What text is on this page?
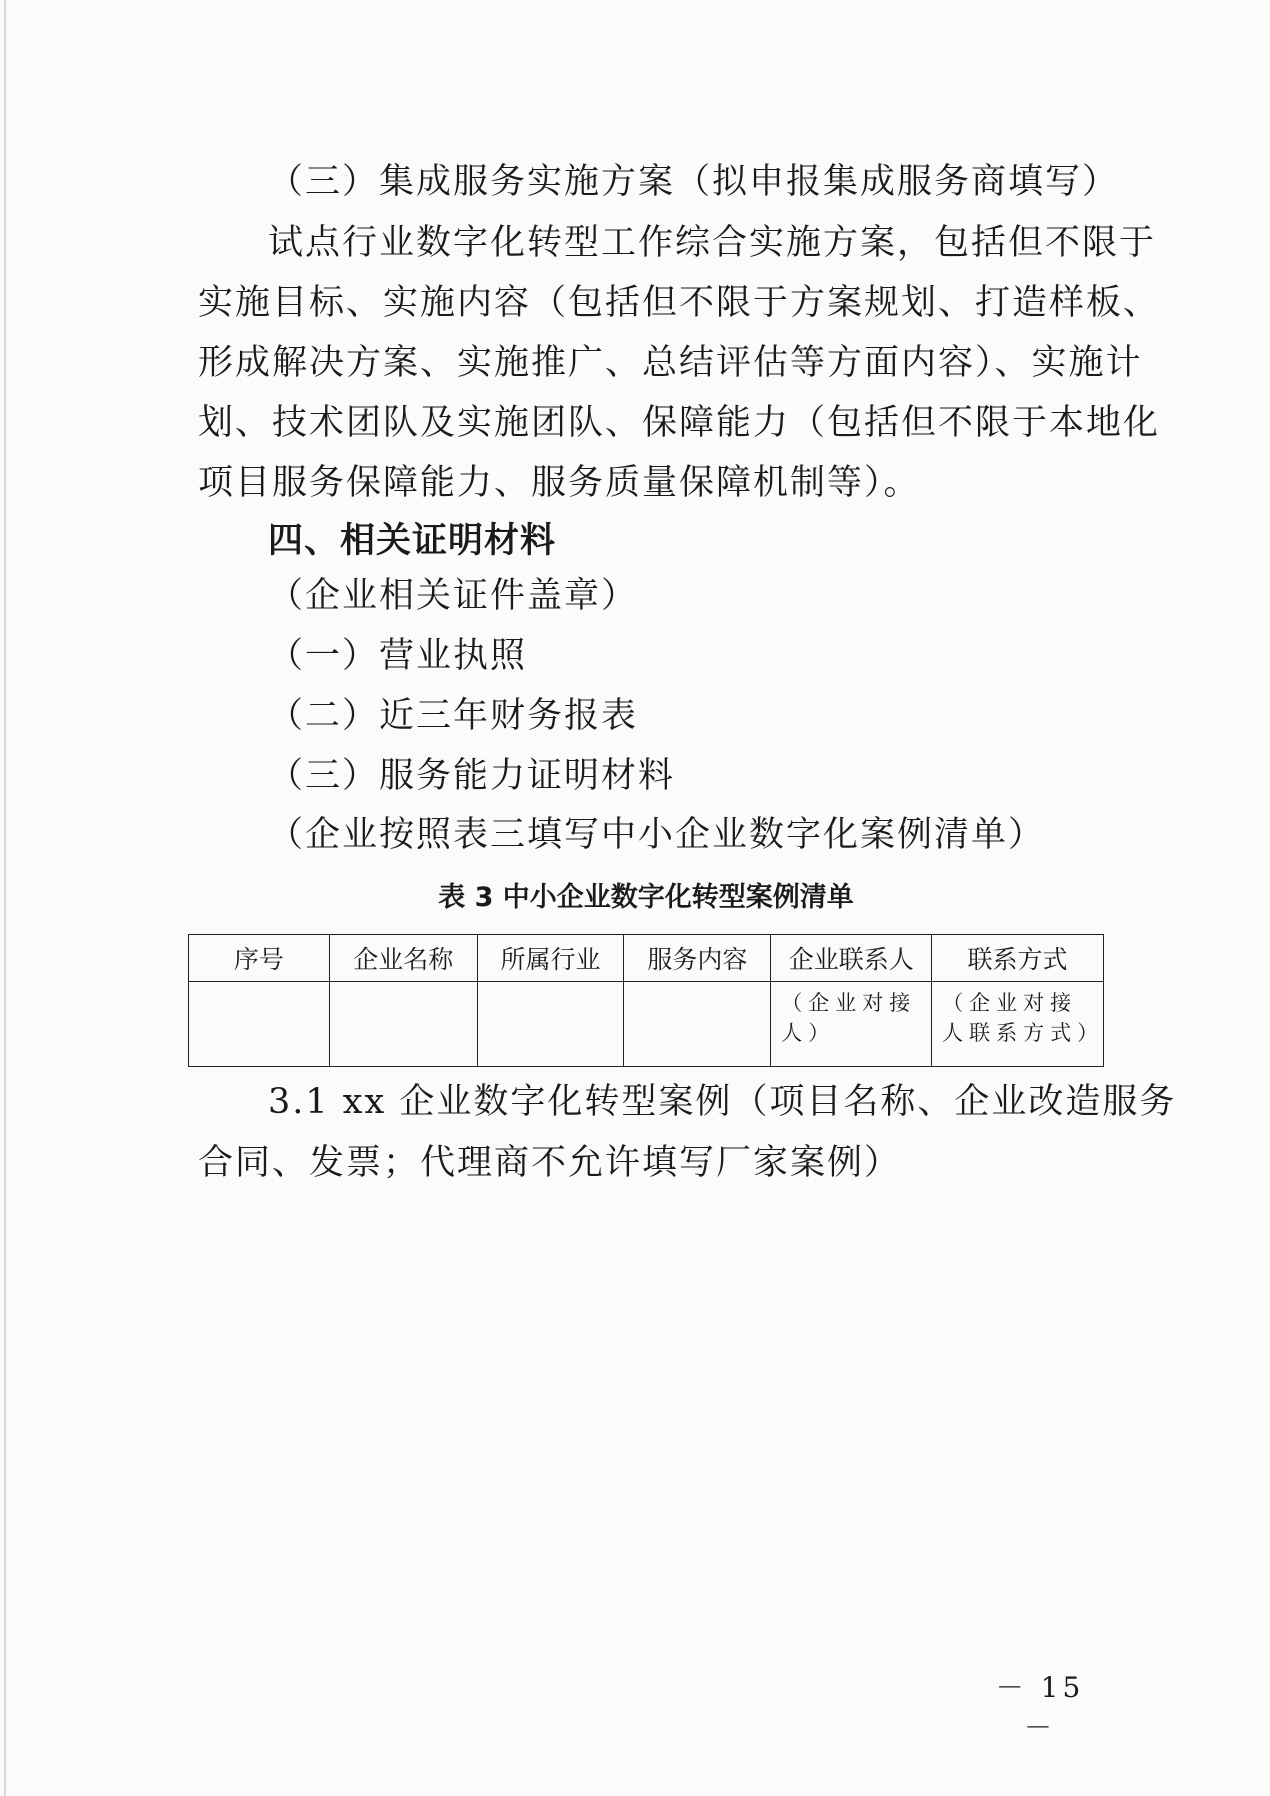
（三）集成服务实施方案（拟申报集成服务商填写）
试点行业数字化转型工作综合实施方案，包括但不限于
实施目标、实施内容（包括但不限于方案规划、打造样板、
形成解决方案、实施推广、总结评估等方面内容）、实施计
划、技术团队及实施团队、保障能力（包括但不限于本地化
项目服务保障能力、服务质量保障机制等）。
四、相关证明材料
（企业相关证件盖章）
（一）营业执照
（二）近三年财务报表
（三）服务能力证明材料
（企业按照表三填写中小企业数字化案例清单）
表 3 中小企业数字化转型案例清单
序号	企业名称	所属行业	服务内容	企业联系人	联系方式
				（企业对接人）	（企业对接人联系方式）
3.1 xx 企业数字化转型案例（项目名称、企业改造服务
合同、发票；代理商不允许填写厂家案例）
－ 15 －
